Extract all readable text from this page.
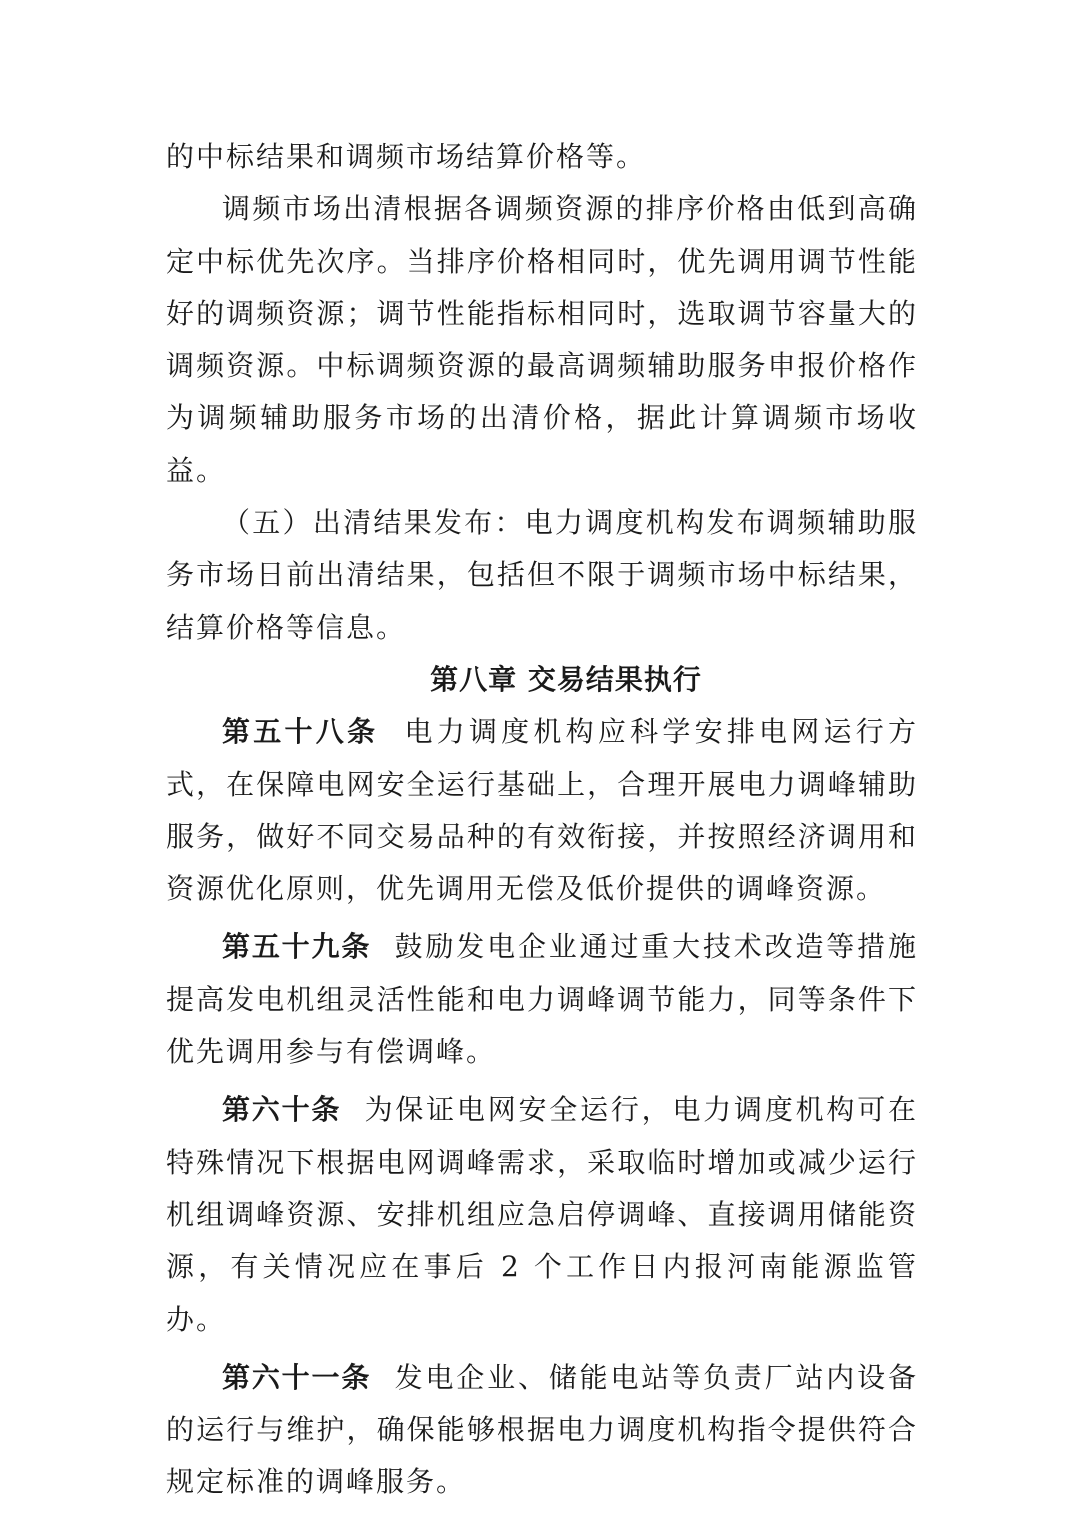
的中标结果和调频市场结算价格等。

调频市场出清根据各调频资源的排序价格由低到高确定中标优先次序。当排序价格相同时，优先调用调节性能好的调频资源；调节性能指标相同时，选取调节容量大的调频资源。中标调频资源的最高调频辅助服务申报价格作为调频辅助服务市场的出清价格，据此计算调频市场收益。

（五）出清结果发布：电力调度机构发布调频辅助服务市场日前出清结果，包括但不限于调频市场中标结果，结算价格等信息。

第八章 交易结果执行

第五十八条 电力调度机构应科学安排电网运行方式，在保障电网安全运行基础上，合理开展电力调峰辅助服务，做好不同交易品种的有效衔接，并按照经济调用和资源优化原则，优先调用无偿及低价提供的调峰资源。

第五十九条 鼓励发电企业通过重大技术改造等措施提高发电机组灵活性能和电力调峰调节能力，同等条件下优先调用参与有偿调峰。

第六十条 为保证电网安全运行，电力调度机构可在特殊情况下根据电网调峰需求，采取临时增加或减少运行机组调峰资源、安排机组应急启停调峰、直接调用储能资源，有关情况应在事后 2 个工作日内报河南能源监管办。

第六十一条 发电企业、储能电站等负责厂站内设备的运行与维护，确保能够根据电力调度机构指令提供符合规定标准的调峰服务。
